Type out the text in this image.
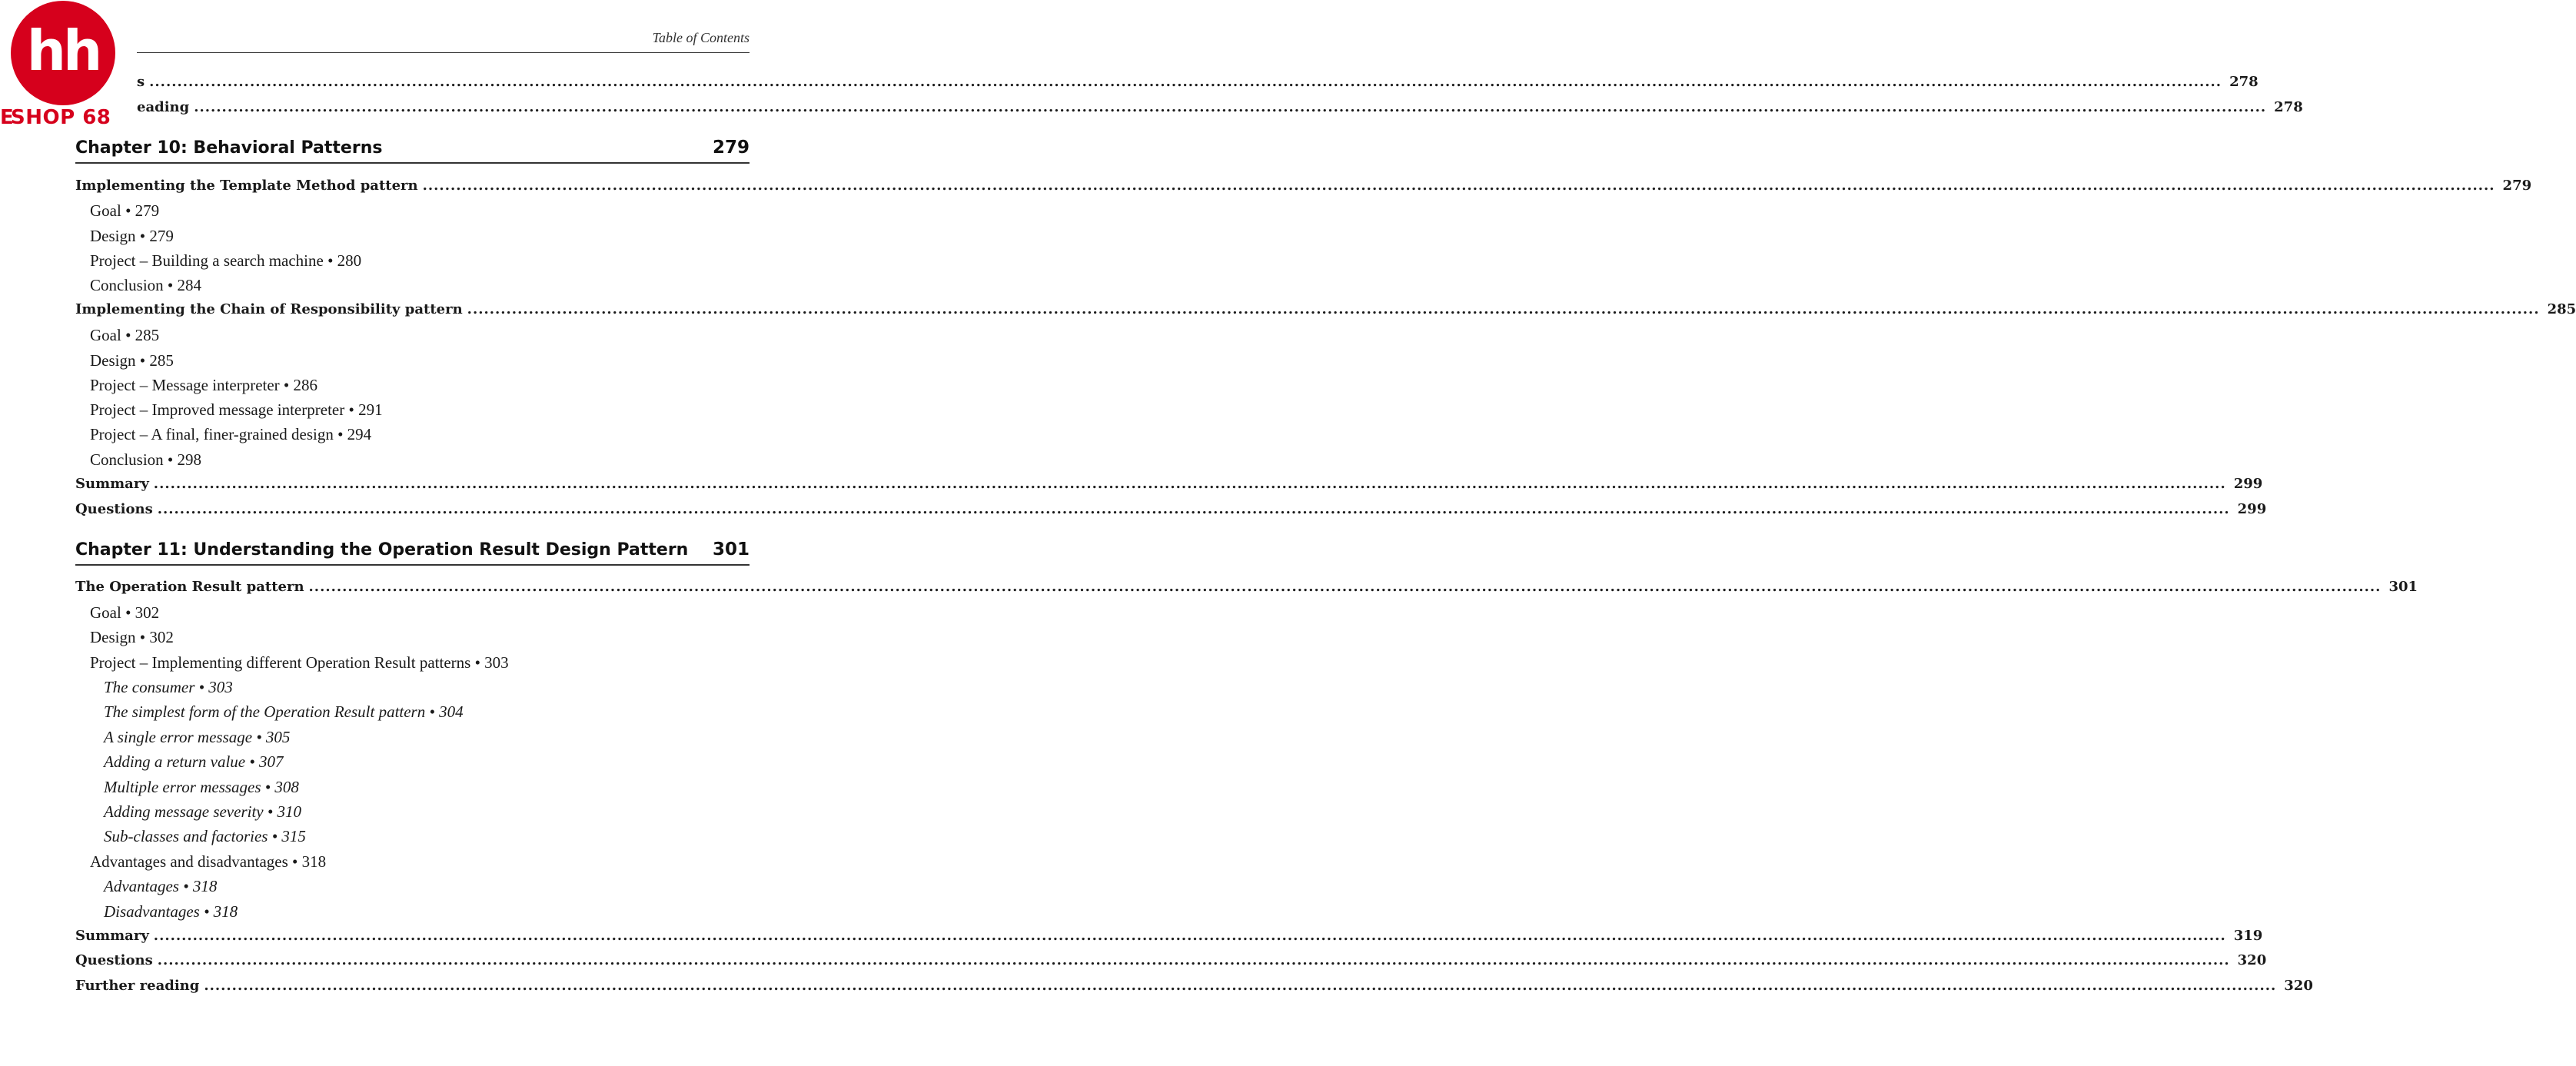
Table of Contents
hh
E
SHOP 68
s .....	278
eading .....	278
Chapter 10: Behavioral Patterns	279
Implementing the Template Method pattern .....	279
Goal • 279
Design • 279
Project – Building a search machine • 280
Conclusion • 284
Implementing the Chain of Responsibility pattern .....	285
Goal • 285
Design • 285
Project – Message interpreter • 286
Project – Improved message interpreter • 291
Project – A final, finer-grained design • 294
Conclusion • 298
Summary .....	299
Questions .....	299
Chapter 11: Understanding the Operation Result Design Pattern 301
The Operation Result pattern .....	301
Goal • 302
Design • 302
Project – Implementing different Operation Result patterns • 303
The consumer • 303
The simplest form of the Operation Result pattern • 304
A single error message • 305
Adding a return value • 307
Multiple error messages • 308
Adding message severity • 310
Sub-classes and factories • 315
Advantages and disadvantages • 318
Advantages • 318
Disadvantages • 318
Summary .....	319
Questions .....	320
Further reading .....	320
